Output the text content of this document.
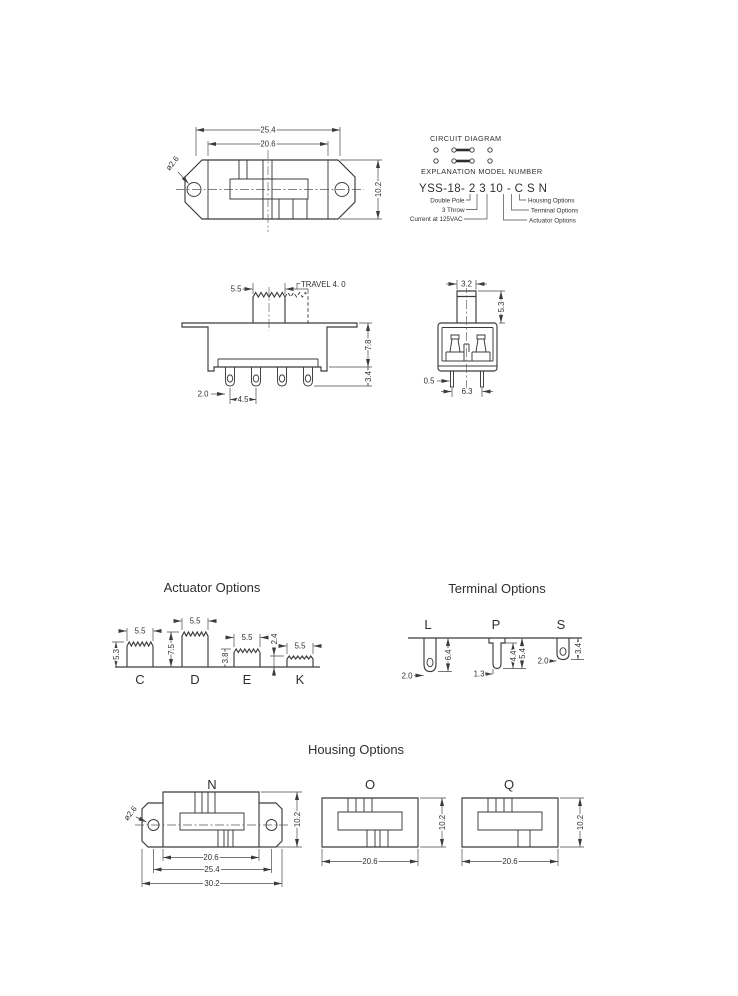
25.4
20.6
10.2
ø2.6
CIRCUIT DIAGRAM
EXPLANATION MODEL NUMBER
YSS-18- 2 3 10 - C S N
Double Pole
3 Throw
Current at 125VAC
Housing Options
Terminal Options
Actuator Options
5.5	TRAVEL 4. 0
7.8
3.4
2.0
4.5
3.2
5.3
0.5
6.3
Actuator Options
5.5
5.3
5.5
7.5
5.5
3.8
5.5
2.4
C	D	E	K
Terminal Options
L	P	S
6.4
2.0
4.4 5.4
1.3
3.4
2.0
Housing Options
N	O	Q
ø2.6	10.2
20.6
25.4
30.2
10.2
20.6
10.2
20.6
